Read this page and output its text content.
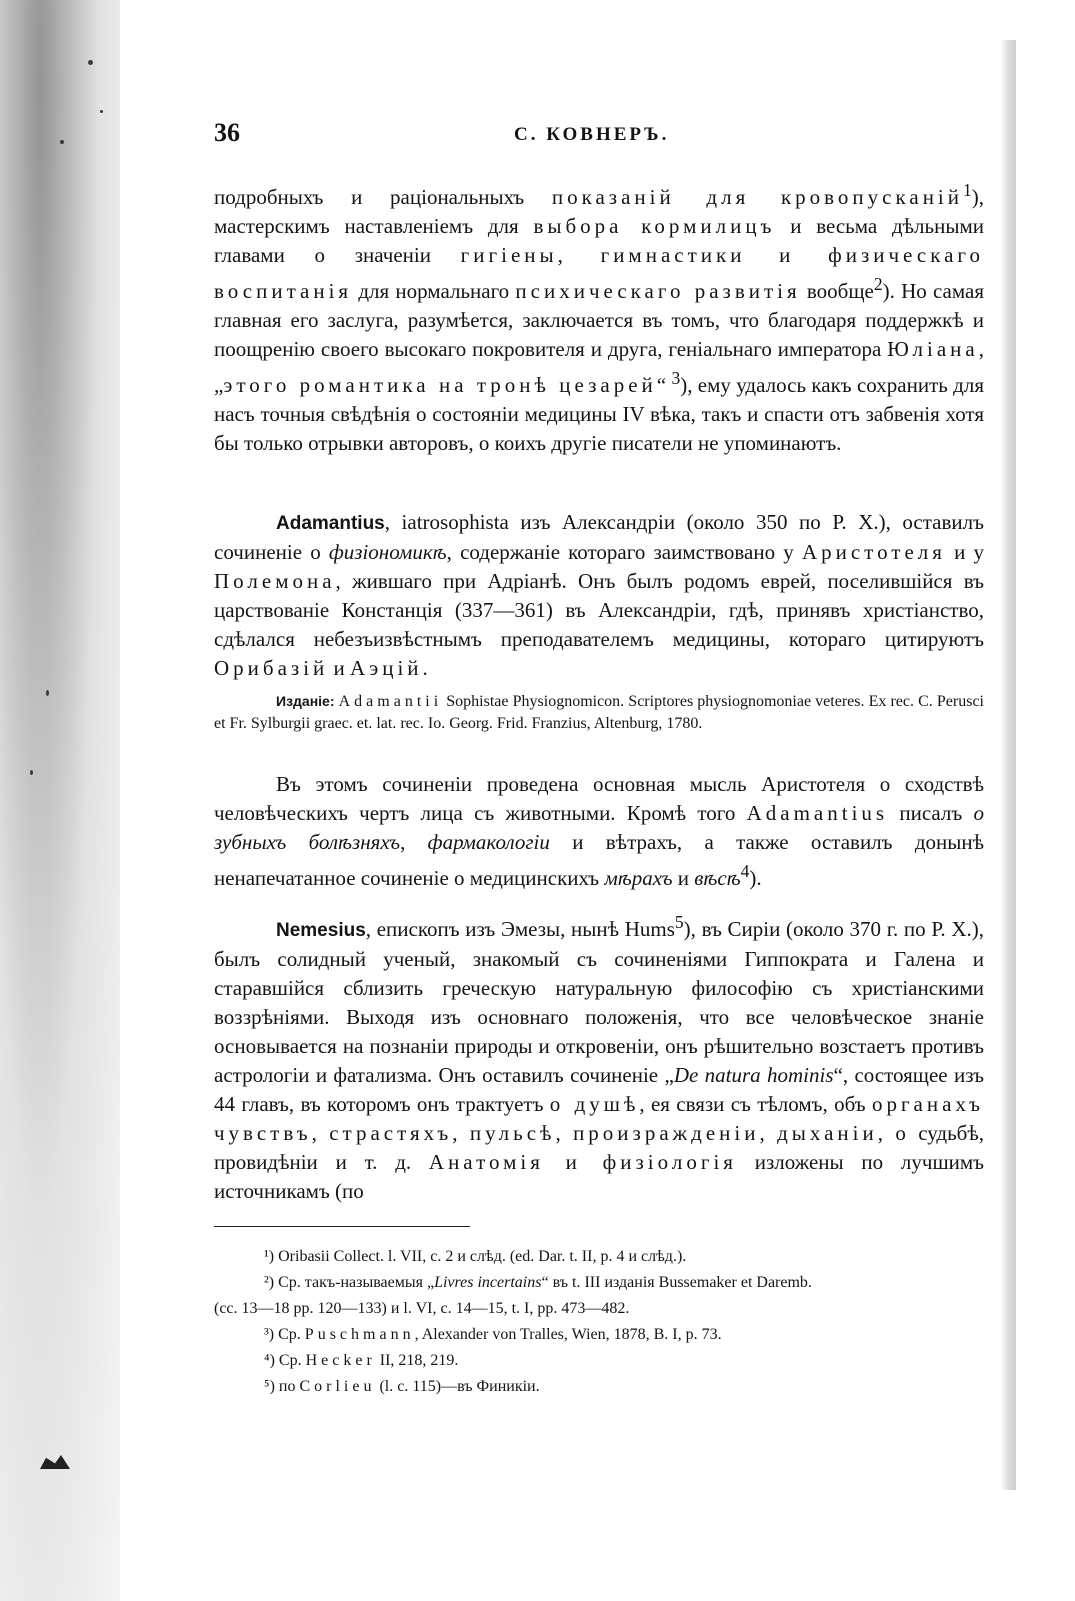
36	С. КОВНЕРЪ.

подробныхъ и раціональныхъ показаній для кровопусканій$^1$), мастерскимъ наставленіемъ для выбора кормилицъ и весьма дѣльными главами о значеніи гигіены, гимнастики и физическаго воспитанія для нормальнаго психическаго развитія вообще$^2$). Но самая главная его заслуга, разумѣется, заключается въ томъ, что благодаря поддержкѣ и поощренію своего высокаго покровителя и друга, геніальнаго императора Юліана, „этого романтика на тронѣ цезарей“ $^3$), ему удалось какъ сохранить для насъ точныя свѣдѣнія о состояніи медицины IV вѣка, такъ и спасти отъ забвенія хотя бы только отрывки авторовъ, о коихъ другіе писатели не упоминаютъ.

Adamantius, iatrosophista изъ Александріи (около 350 по Р. Х.), оставилъ сочиненіе о физіономикѣ, содержаніе котораго заимствовано у Аристотеля и у Полемона, жившаго при Адріанѣ. Онъ былъ родомъ еврей, поселившійся въ царствованіе Констанція (337—361) въ Александріи, гдѣ, принявъ христіанство, сдѣлался небезъизвѣстнымъ преподавателемъ медицины, котораго цитируютъ Орибазій и Аэцій.

Изданіе: Adamantii Sophistae Physiognomicon. Scriptores physiognomoniae veteres. Ex rec. C. Perusci et Fr. Sylburgii graec. et. lat. rec. Io. Georg. Frid. Franzius, Altenburg, 1780.

Въ этомъ сочиненіи проведена основная мысль Аристотеля о сходствѣ человѣческихъ чертъ лица съ животными. Кромѣ того Adamantius писалъ о зубныхъ болѣзняхъ, фармакологіи и вѣтрахъ, а также оставилъ донынѣ ненапечатанное сочиненіе о медицинскихъ мѣрахъ и вѣсѣ$^4$).

Nemesius, епископъ изъ Эмезы, нынѣ Hums$^5$), въ Сиріи (около 370 г. по Р. Х.), былъ солидный ученый, знакомый съ сочиненіями Гиппократа и Галена и старавшійся сблизить греческую натуральную философію съ христіанскими воззрѣніями. Выходя изъ основнаго положенія, что все человѣческое знаніе основывается на познаніи природы и откровеніи, онъ рѣшительно возстаетъ противъ астрологіи и фатализма. Онъ оставилъ сочиненіе „De natura hominis“, состоящее изъ 44 главъ, въ которомъ онъ трактуетъ о душѣ, ея связи съ тѣломъ, объ органахъ чувствъ, страстяхъ, пульсѣ, произраждeніи, дыханіи, о судьбѣ, провидѣніи и т. д. Анатомія и физіологія изложены по лучшимъ источникамъ (по

¹) Oribasii Collect. l. VII, c. 2 и слѣд. (ed. Dar. t. II, p. 4 и слѣд.).
²) Ср. такъ-называемыя „Livres incertains“ въ t. III изданія Bussemaker et Daremb.
(cc. 13—18 pp. 120—133) и l. VI, c. 14—15, t. I, pp. 473—482.
³) Ср. Puschmann, Alexander von Tralles, Wien, 1878, B. I, p. 73.
⁴) Ср. Hecker II, 218, 219.
⁵) по Corlieu (l. c. 115)—въ Финикіи.
